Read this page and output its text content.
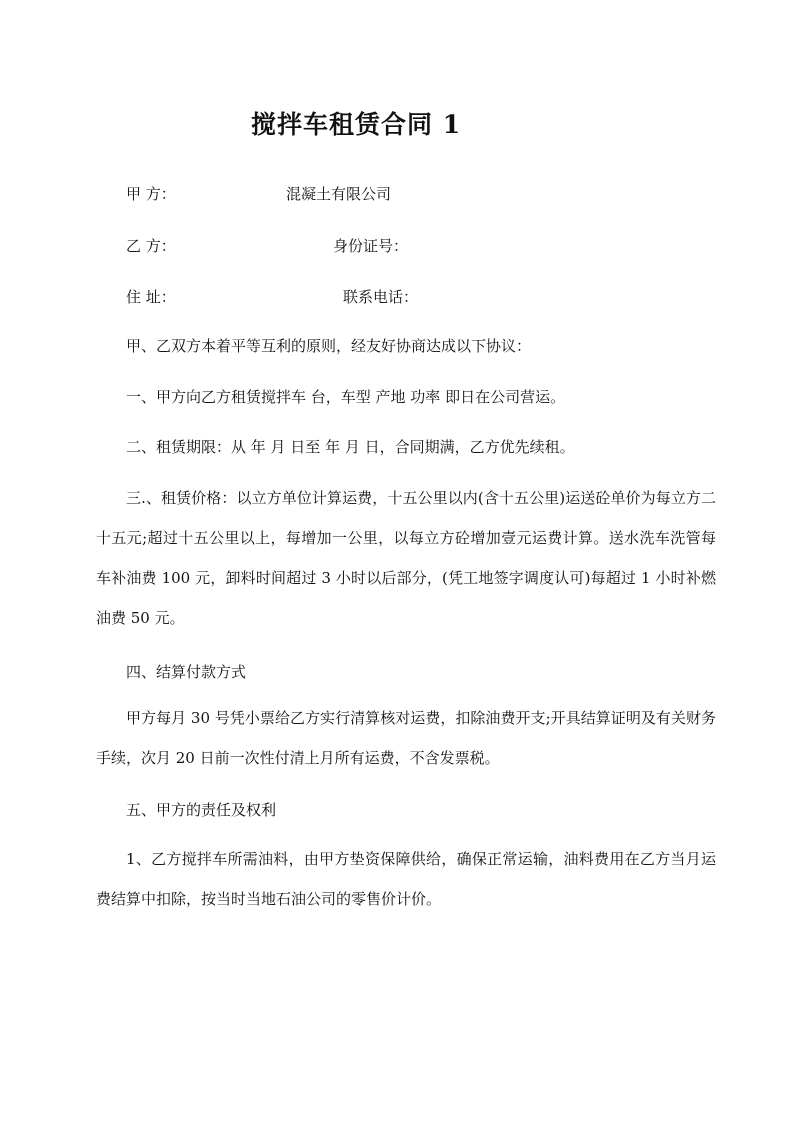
搅拌车租赁合同 1
甲 方：	混凝土有限公司
乙 方：	身份证号：
住 址：	联系电话：
甲、乙双方本着平等互利的原则，经友好协商达成以下协议：
一、甲方向乙方租赁搅拌车 台，车型 产地 功率 即日在公司营运。
二、租赁期限：从 年 月 日至 年 月 日，合同期满，乙方优先续租。
三.、租赁价格：以立方单位计算运费，十五公里以内(含十五公里)运送砼单价为每立方二十五元;超过十五公里以上，每增加一公里，以每立方砼增加壹元运费计算。送水洗车洗管每车补油费 100 元，卸料时间超过 3 小时以后部分，(凭工地签字调度认可)每超过 1 小时补燃油费 50 元。
四、结算付款方式
甲方每月 30 号凭小票给乙方实行清算核对运费，扣除油费开支;开具结算证明及有关财务手续，次月 20 日前一次性付清上月所有运费，不含发票税。
五、甲方的责任及权利
1、乙方搅拌车所需油料，由甲方垫资保障供给，确保正常运输，油料费用在乙方当月运费结算中扣除，按当时当地石油公司的零售价计价。
